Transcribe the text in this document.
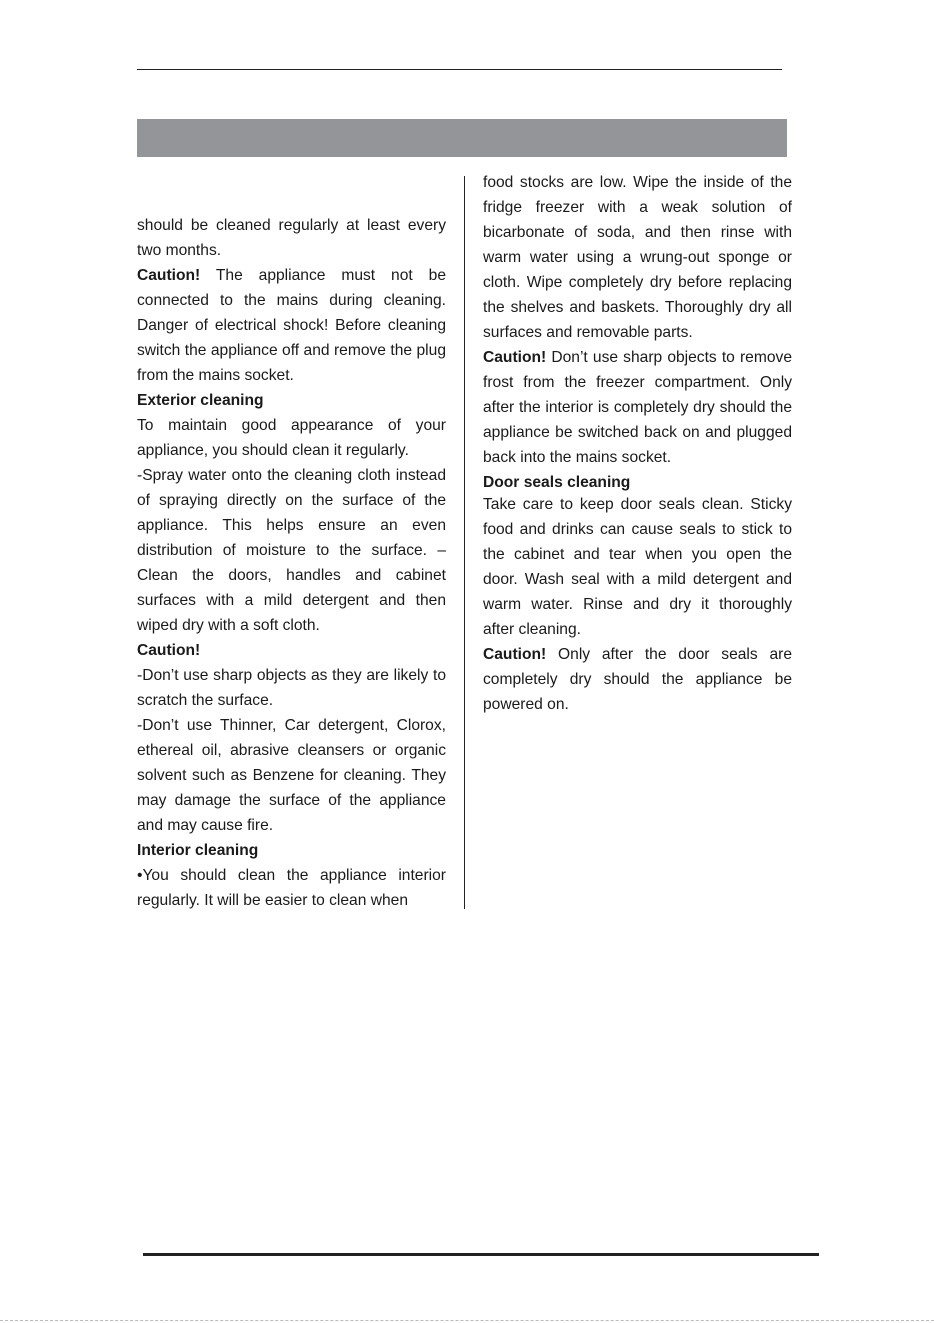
should be cleaned regularly at least every two months.

Caution! The appliance must not be connected to the mains during cleaning. Danger of electrical shock! Before cleaning switch the appliance off and remove the plug from the mains socket.

Exterior cleaning

To maintain good appearance of your appliance, you should clean it regularly.

-Spray water onto the cleaning cloth instead of spraying directly on the surface of the appliance. This helps ensure an even distribution of moisture to the surface. –Clean the doors, handles and cabinet surfaces with a mild detergent and then wiped dry with a soft cloth.

Caution!

-Don’t use sharp objects as they are likely to scratch the surface.

-Don’t use Thinner, Car detergent, Clorox, ethereal oil, abrasive cleansers or organic solvent such as Benzene for cleaning. They may damage the surface of the appliance and may cause fire.

Interior cleaning

•You should clean the appliance interior regularly. It will be easier to clean when

food stocks are low. Wipe the inside of the fridge freezer with a weak solution of bicarbonate of soda, and then rinse with warm water using a wrung-out sponge or cloth. Wipe completely dry before replacing the shelves and baskets. Thoroughly dry all surfaces and removable parts.

Caution! Don’t use sharp objects to remove frost from the freezer compartment. Only after the interior is completely dry should the appliance be switched back on and plugged back into the mains socket.

Door seals cleaning

Take care to keep door seals clean. Sticky food and drinks can cause seals to stick to the cabinet and tear when you open the door. Wash seal with a mild detergent and warm water. Rinse and dry it thoroughly after cleaning.

Caution! Only after the door seals are completely dry should the appliance be powered on.
